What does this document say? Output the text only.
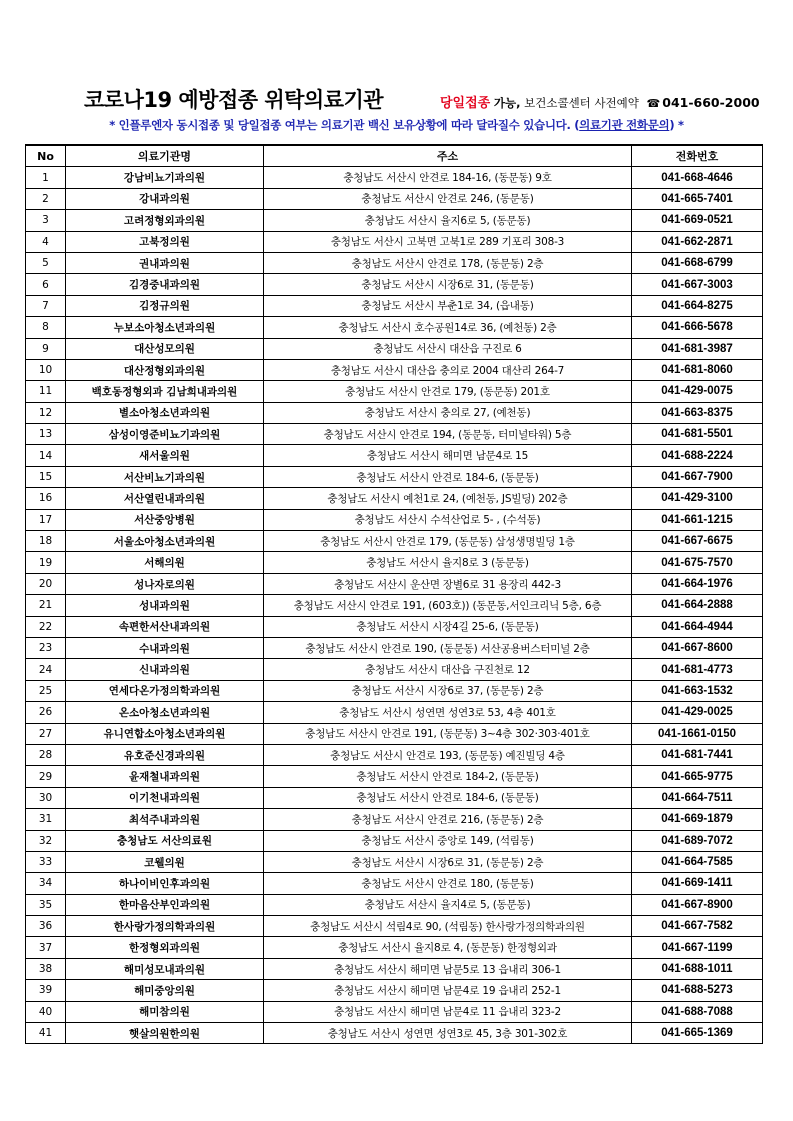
코로나19 예방접종 위탁의료기관	당일접종 가능, 보건소콜센터 사전예약 ☎ 041-660-2000
* 인플루엔자 동시접종 및 당일접종 여부는 의료기관 백신 보유상황에 따라 달라질수 있습니다. (의료기관 전화문의) *
No	의료기관명	주소	전화번호
1	강남비뇨기과의원	충청남도 서산시 안견로 184-16, (동문동) 9호	041-668-4646
2	강내과의원	충청남도 서산시 안견로 246, (동문동)	041-665-7401
3	고려정형외과의원	충청남도 서산시 율지6로 5, (동문동)	041-669-0521
4	고북정의원	충청남도 서산시 고북면 고북1로 289 기포리 308-3	041-662-2871
5	권내과의원	충청남도 서산시 안견로 178, (동문동) 2층	041-668-6799
6	김경중내과의원	충청남도 서산시 시장6로 31, (동문동)	041-667-3003
7	김정규의원	충청남도 서산시 부춘1로 34, (읍내동)	041-664-8275
8	누보소아청소년과의원	충청남도 서산시 호수공원14로 36, (예천동) 2층	041-666-5678
9	대산성모의원	충청남도 서산시 대산읍 구진로 6	041-681-3987
10	대산정형외과의원	충청남도 서산시 대산읍 충의로 2004 대산리 264-7	041-681-8060
11	백호동정형외과 김남희내과의원	충청남도 서산시 안견로 179, (동문동) 201호	041-429-0075
12	별소아청소년과의원	충청남도 서산시 충의로 27, (예천동)	041-663-8375
13	삼성이영준비뇨기과의원	충청남도 서산시 안견로 194, (동문동, 터미널타워) 5층	041-681-5501
14	새서울의원	충청남도 서산시 해미면 남문4로 15	041-688-2224
15	서산비뇨기과의원	충청남도 서산시 안견로 184-6, (동문동)	041-667-7900
16	서산열린내과의원	충청남도 서산시 예천1로 24, (예천동, JS빌딩) 202층	041-429-3100
17	서산중앙병원	충청남도 서산시 수석산업로 5- , (수석동)	041-661-1215
18	서울소아청소년과의원	충청남도 서산시 안견로 179, (동문동) 삼성생명빌딩 1층	041-667-6675
19	서해의원	충청남도 서산시 율지8로 3 (동문동)	041-675-7570
20	성나자로의원	충청남도 서산시 운산면 장별6로 31 용장리 442-3	041-664-1976
21	성내과의원	충청남도 서산시 안견로 191, (603호)) (동문동,서인크리닉 5층, 6층	041-664-2888
22	속편한서산내과의원	충청남도 서산시 시장4길 25-6, (동문동)	041-664-4944
23	수내과의원	충청남도 서산시 안견로 190, (동문동) 서산공용버스터미널 2층	041-667-8600
24	신내과의원	충청남도 서산시 대산읍 구진천로 12	041-681-4773
25	연세다온가정의학과의원	충청남도 서산시 시장6로 37, (동문동) 2층	041-663-1532
26	온소아청소년과의원	충청남도 서산시 성연면 성연3로 53, 4층 401호	041-429-0025
27	유니연합소아청소년과의원	충청남도 서산시 안견로 191, (동문동) 3~4층 302·303·401호	041-1661-0150
28	유호준신경과의원	충청남도 서산시 안견로 193, (동문동) 예진빌딩 4층	041-681-7441
29	윤재철내과의원	충청남도 서산시 안견로 184-2, (동문동)	041-665-9775
30	이기천내과의원	충청남도 서산시 안견로 184-6, (동문동)	041-664-7511
31	최석주내과의원	충청남도 서산시 안견로 216, (동문동) 2층	041-669-1879
32	충청남도 서산의료원	충청남도 서산시 중앙로 149, (석림동)	041-689-7072
33	코웰의원	충청남도 서산시 시장6로 31, (동문동) 2층	041-664-7585
34	하나이비인후과의원	충청남도 서산시 안견로 180, (동문동)	041-669-1411
35	한마음산부인과의원	충청남도 서산시 율지4로 5, (동문동)	041-667-8900
36	한사랑가정의학과의원	충청남도 서산시 석림4로 90, (석림동) 한사랑가정의학과의원	041-667-7582
37	한정형외과의원	충청남도 서산시 율지8로 4, (동문동) 한정형외과	041-667-1199
38	해미성모내과의원	충청남도 서산시 해미면 남문5로 13 읍내리 306-1	041-688-1011
39	해미중앙의원	충청남도 서산시 해미면 남문4로 19 읍내리 252-1	041-688-5273
40	해미참의원	충청남도 서산시 해미면 남문4로 11 읍내리 323-2	041-688-7088
41	햇살의원한의원	충청남도 서산시 성연면 성연3로 45, 3층 301-302호	041-665-1369
